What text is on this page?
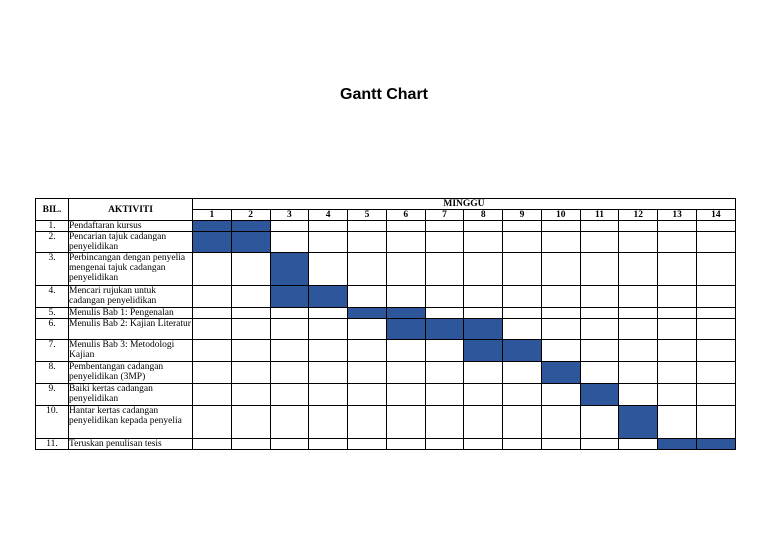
Gantt Chart
BIL.	AKTIVITI	MINGGU													
		1	2	3	4	5	6	7	8	9	10	11	12	13	14
1.	Pendaftaran kursus														
2.	Pencarian tajuk cadangan penyelidikan														
3.	Perbincangan dengan penyelia mengenai tajuk cadangan penyelidikan														
4.	Mencari rujukan untuk cadangan penyelidikan														
5.	Menulis Bab 1: Pengenalan														
6.	Menulis Bab 2: Kajian Literatur														
7.	Menulis Bab 3: Metodologi Kajian														
8.	Pembentangan cadangan penyelidikan (3MP)														
9.	Baiki kertas cadangan penyelidikan														
10.	Hantar kertas cadangan penyelidikan kepada penyelia														
11.	Teruskan penulisan tesis														
